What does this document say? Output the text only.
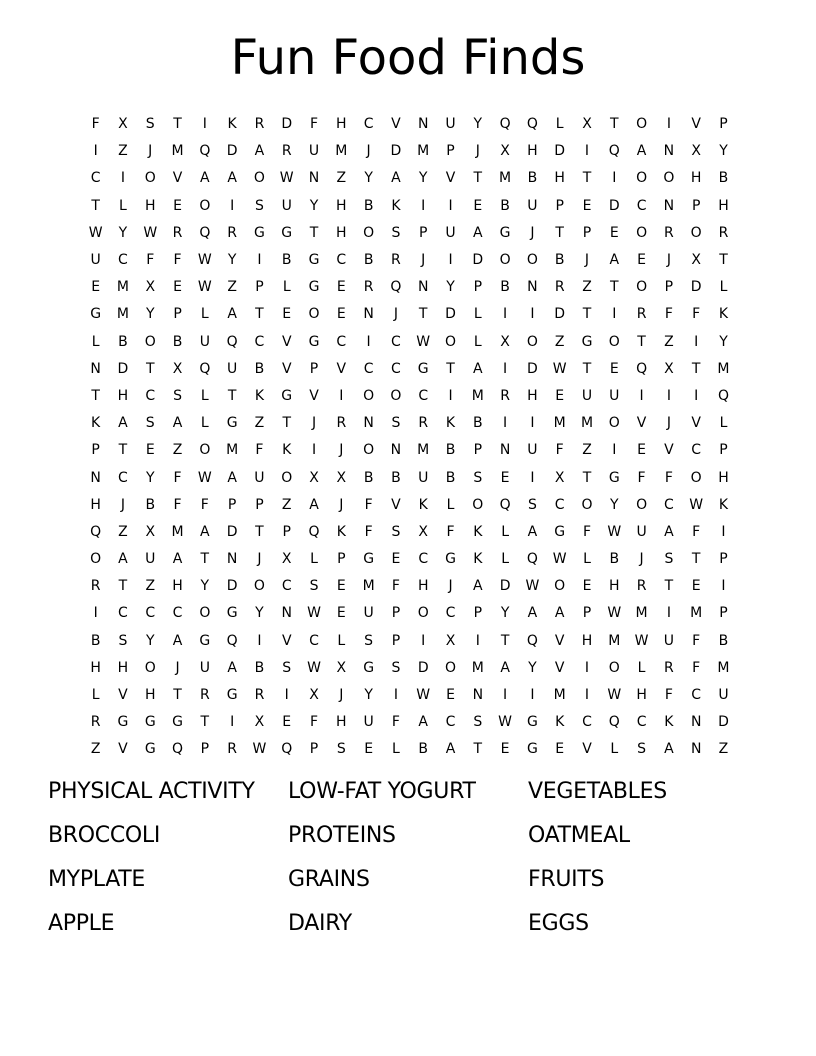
Fun Food Finds
F	X	S	T	I	K	R	D	F	H	C	V	N	U	Y	Q	Q	L	X	T	O	I	V	P
I	Z	J	M	Q	D	A	R	U	M	J	D	M	P	J	X	H	D	I	Q	A	N	X	Y
C	I	O	V	A	A	O	W	N	Z	Y	A	Y	V	T	M	B	H	T	I	O	O	H	B
T	L	H	E	O	I	S	U	Y	H	B	K	I	I	E	B	U	P	E	D	C	N	P	H
W	Y	W	R	Q	R	G	G	T	H	O	S	P	U	A	G	J	T	P	E	O	R	O	R
U	C	F	F	W	Y	I	B	G	C	B	R	J	I	D	O	O	B	J	A	E	J	X	T
E	M	X	E	W	Z	P	L	G	E	R	Q	N	Y	P	B	N	R	Z	T	O	P	D	L
G	M	Y	P	L	A	T	E	O	E	N	J	T	D	L	I	I	D	T	I	R	F	F	K
L	B	O	B	U	Q	C	V	G	C	I	C	W	O	L	X	O	Z	G	O	T	Z	I	Y
N	D	T	X	Q	U	B	V	P	V	C	C	G	T	A	I	D	W	T	E	Q	X	T	M
T	H	C	S	L	T	K	G	V	I	O	O	C	I	M	R	H	E	U	U	I	I	I	Q
K	A	S	A	L	G	Z	T	J	R	N	S	R	K	B	I	I	M	M	O	V	J	V	L
P	T	E	Z	O	M	F	K	I	J	O	N	M	B	P	N	U	F	Z	I	E	V	C	P
N	C	Y	F	W	A	U	O	X	X	B	B	U	B	S	E	I	X	T	G	F	F	O	H
H	J	B	F	F	P	P	Z	A	J	F	V	K	L	O	Q	S	C	O	Y	O	C	W	K
Q	Z	X	M	A	D	T	P	Q	K	F	S	X	F	K	L	A	G	F	W	U	A	F	I
O	A	U	A	T	N	J	X	L	P	G	E	C	G	K	L	Q	W	L	B	J	S	T	P
R	T	Z	H	Y	D	O	C	S	E	M	F	H	J	A	D	W	O	E	H	R	T	E	I
I	C	C	C	O	G	Y	N	W	E	U	P	O	C	P	Y	A	A	P	W	M	I	M	P
B	S	Y	A	G	Q	I	V	C	L	S	P	I	X	I	T	Q	V	H	M	W	U	F	B
H	H	O	J	U	A	B	S	W	X	G	S	D	O	M	A	Y	V	I	O	L	R	F	M
L	V	H	T	R	G	R	I	X	J	Y	I	W	E	N	I	I	M	I	W	H	F	C	U
R	G	G	G	T	I	X	E	F	H	U	F	A	C	S	W	G	K	C	Q	C	K	N	D
Z	V	G	Q	P	R	W	Q	P	S	E	L	B	A	T	E	G	E	V	L	S	A	N	Z
PHYSICAL ACTIVITY	LOW-FAT YOGURT	VEGETABLES
BROCCOLI	PROTEINS	OATMEAL
MYPLATE	GRAINS	FRUITS
APPLE	DAIRY	EGGS
